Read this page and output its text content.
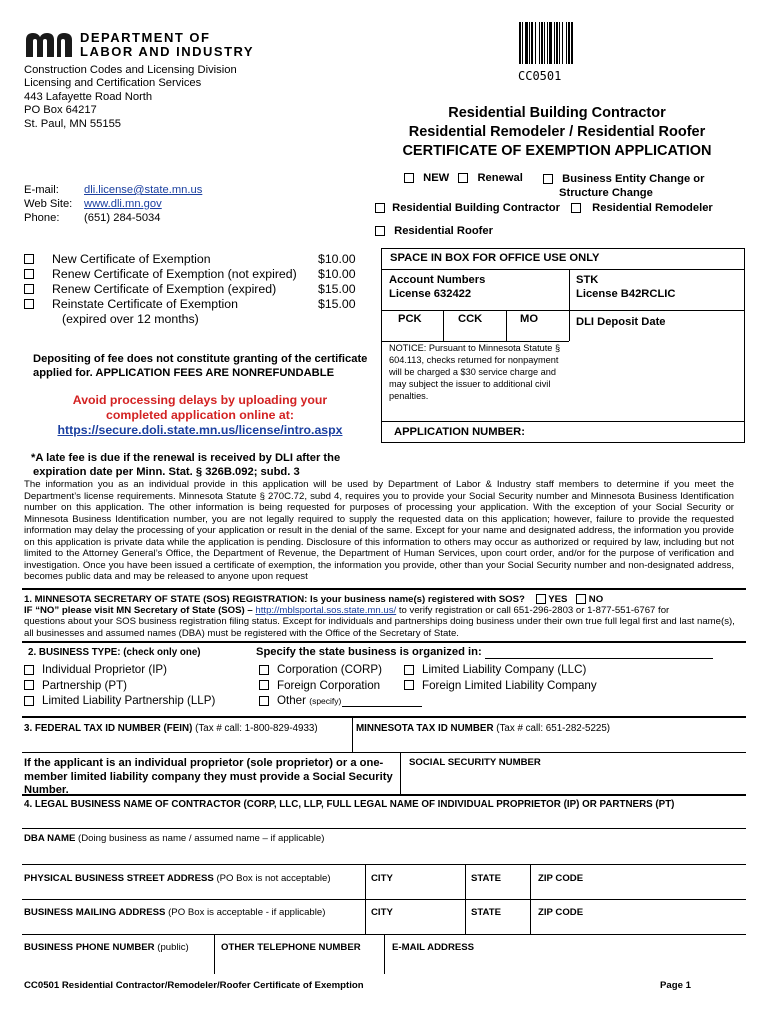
DEPARTMENT OF
LABOR AND INDUSTRY
Construction Codes and Licensing Division
Licensing and Certification Services
443 Lafayette Road North
PO Box 64217
St. Paul, MN 55155
CC0501
Residential Building Contractor
Residential Remodeler / Residential Roofer
CERTIFICATE OF EXEMPTION APPLICATION
E-mail: dli.license@state.mn.us
Web Site: www.dli.mn.gov
Phone: (651) 284-5034
NEW	Renewal	Business Entity Change or
Structure Change
Residential Building Contractor	Residential Remodeler
Residential Roofer
New Certificate of Exemption	$10.00
Renew Certificate of Exemption (not expired) $10.00
Renew Certificate of Exemption (expired)	$15.00
Reinstate Certificate of Exemption	$15.00
(expired over 12 months)
Depositing of fee does not constitute granting of the certificate applied for. APPLICATION FEES ARE NONREFUNDABLE
Avoid processing delays by uploading your
completed application online at:
https://secure.doli.state.mn.us/license/intro.aspx
SPACE IN BOX FOR OFFICE USE ONLY
Account Numbers
License 632422
STK
License B42RCLIC
PCK	CCK	MO	DLI Deposit Date
NOTICE: Pursuant to Minnesota Statute § 604.113, checks returned for nonpayment will be charged a $30 service charge and may subject the issuer to additional civil penalties.
APPLICATION NUMBER:
*A late fee is due if the renewal is received by DLI after the
expiration date per Minn. Stat. § 326B.092; subd. 3
The information you as an individual provide in this application will be used by Department of Labor & Industry staff members to determine if you meet the Department’s license requirements. Minnesota Statute § 270C.72, subd 4, requires you to provide your Social Security number and Minnesota Business Identification number on this application. The other information is being requested for purposes of processing your application. With the exception of your Social Security or Minnesota Business Identification number, you are not legally required to supply the requested data on this application; however, failure to provide the requested information may delay the processing of your application or result in the denial of the same. Except for your name and designated address, the information you provide on this application is private data while the application is pending. Disclosure of this information to others may occur as authorized or required by law, including but not limited to the Attorney General’s Office, the Department of Revenue, the Department of Human Services, upon court order, and/or for the purpose of verification and investigation. Once you have been issued a certificate of exemption, the information you provide, other than your Social Security number and non-designated address, becomes public data and may be released to anyone upon request
1. MINNESOTA SECRETARY OF STATE (SOS) REGISTRATION: Is your business name(s) registered with SOS? YES NO
IF “NO” please visit MN Secretary of State (SOS) – http://mblsportal.sos.state.mn.us/ to verify registration or call 651-296-2803 or 1-877-551-6767 for
questions about your SOS business registration filing status. Except for individuals and partnerships doing business under their own true full legal first and last name(s), all businesses and assumed names (DBA) must be registered with the Office of the Secretary of State.
2. BUSINESS TYPE: (check only one)	Specify the state business is organized in:
Individual Proprietor (IP)
Partnership (PT)
Limited Liability Partnership (LLP)
Corporation (CORP)
Foreign Corporation
Other (specify)
Limited Liability Company (LLC)
Foreign Limited Liability Company
3. FEDERAL TAX ID NUMBER (FEIN) (Tax # call: 1-800-829-4933)	MINNESOTA TAX ID NUMBER (Tax # call: 651-282-5225)
If the applicant is an individual proprietor (sole proprietor) or a one-member limited liability company they must provide a Social Security Number.
SOCIAL SECURITY NUMBER
4. LEGAL BUSINESS NAME OF CONTRACTOR (CORP, LLC, LLP, FULL LEGAL NAME OF INDIVIDUAL PROPRIETOR (IP) OR PARTNERS (PT)
DBA NAME (Doing business as name / assumed name – if applicable)
PHYSICAL BUSINESS STREET ADDRESS (PO Box is not acceptable)	CITY	STATE	ZIP CODE
BUSINESS MAILING ADDRESS (PO Box is acceptable - if applicable)	CITY	STATE	ZIP CODE
BUSINESS PHONE NUMBER (public)	OTHER TELEPHONE NUMBER	E-MAIL ADDRESS
CC0501 Residential Contractor/Remodeler/Roofer Certificate of Exemption	Page 1
